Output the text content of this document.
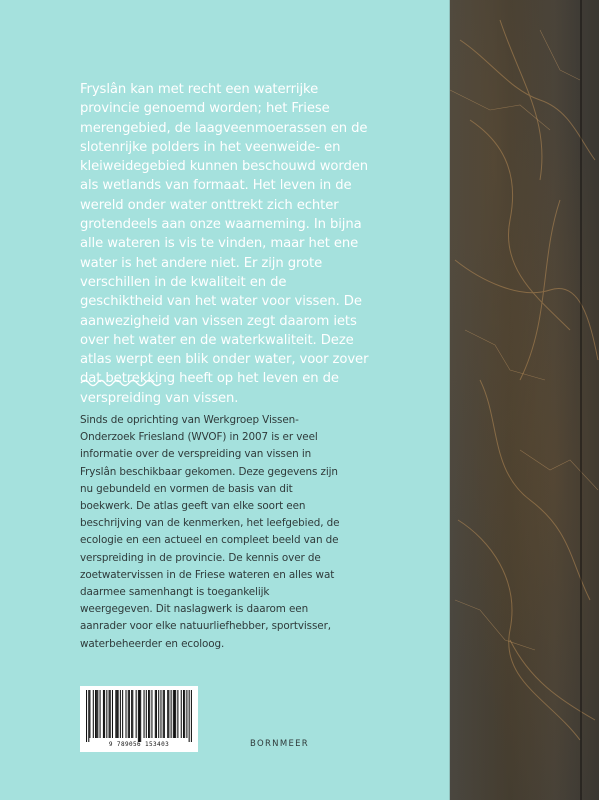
Fryslân kan met recht een waterrijke provincie genoemd worden; het Friese merengebied, de laagveenmoerassen en de slotenrijke polders in het veenweide- en kleiweidegebied kunnen beschouwd worden als wetlands van formaat. Het leven in de wereld onder water onttrekt zich echter grotendeels aan onze waarneming. In bijna alle wateren is vis te vinden, maar het ene water is het andere niet. Er zijn grote verschillen in de kwaliteit en de geschiktheid van het water voor vissen. De aanwezigheid van vissen zegt daarom iets over het water en de waterkwaliteit. Deze atlas werpt een blik onder water, voor zover dat betrekking heeft op het leven en de verspreiding van vissen.

Sinds de oprichting van Werkgroep Vissen-Onderzoek Friesland (WVOF) in 2007 is er veel informatie over de verspreiding van vissen in Fryslân beschikbaar gekomen. Deze gegevens zijn nu gebundeld en vormen de basis van dit boekwerk. De atlas geeft van elke soort een beschrijving van de kenmerken, het leefgebied, de ecologie en een actueel en compleet beeld van de verspreiding in de provincie. De kennis over de zoetwatervissen in de Friese wateren en alles wat daarmee samenhangt is toegankelijk weergegeven. Dit naslagwerk is daarom een aanrader voor elke natuurliefhebber, sportvisser, waterbeheerder en ecoloog.

9 789056 153403	BORNMEER
